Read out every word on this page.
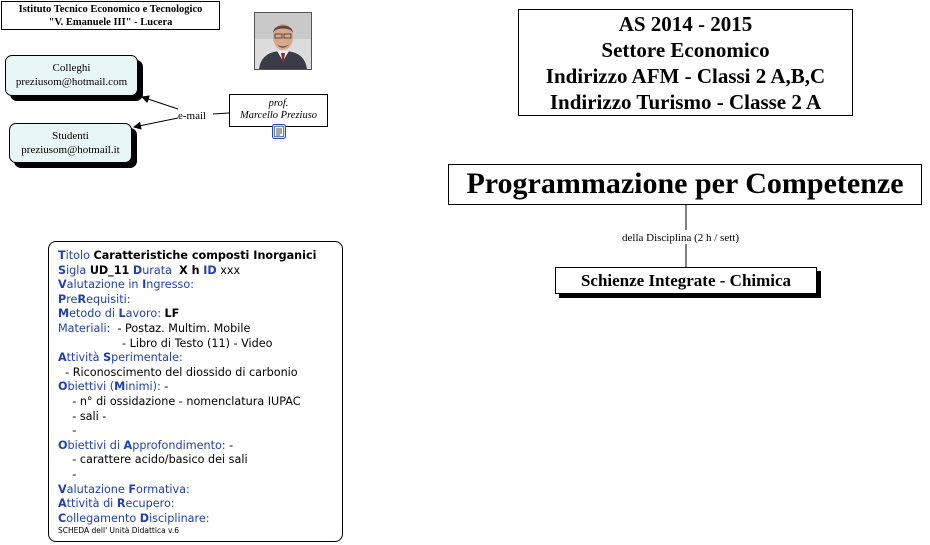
Istituto Tecnico Economico e Tecnologico
"V. Emanuele III" - Lucera
Colleghi
preziusom@hotmail.com
Studenti
preziusom@hotmail.it
e-mail
prof.
Marcello Preziuso
AS 2014 - 2015
Settore Economico
Indirizzo AFM - Classi 2 A,B,C
Indirizzo Turismo - Classe 2 A
Programmazione per Competenze
della Disciplina (2 h / sett)
Schienze Integrate - Chimica
Titolo Caratteristiche composti Inorganici
Sigla UD_11 Durata X h ID xxx
Valutazione in Ingresso:
PreRequisiti:
Metodo di Lavoro: LF
Materiali:  - Postaz. Multim. Mobile
- Libro di Testo (11) - Video
Attività Sperimentale:
- Riconoscimento del diossido di carbonio
Obiettivi (Minimi): -
- n° di ossidazione - nomenclatura IUPAC
- sali -
-
Obiettivi di Approfondimento: -
- carattere acido/basico dei sali
-
Valutazione Formativa:
Attività di Recupero:
Collegamento Disciplinare:
SCHEDA dell' Unità Didattica v.6
